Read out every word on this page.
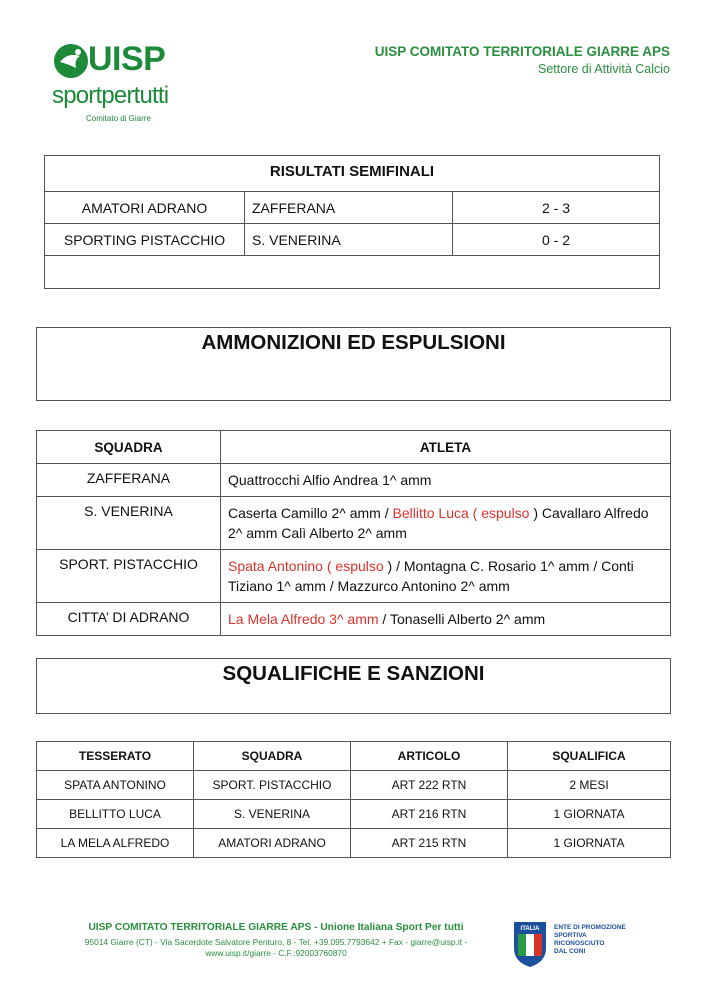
UISP
sportpertutti
Comitato di Giarre
UISP COMITATO TERRITORIALE GIARRE APS
Settore di Attività Calcio
RISULTATI SEMIFINALI		
AMATORI ADRANO	ZAFFERANA	2 - 3
SPORTING PISTACCHIO	S. VENERINA	0 - 2

AMMONIZIONI ED ESPULSIONI
SQUADRA	ATLETA
ZAFFERANA	Quattrocchi Alfio Andrea 1^ amm
S. VENERINA	Caserta Camillo 2^ amm / Bellitto Luca ( espulso ) Cavallaro Alfredo 2^ amm Calì Alberto 2^ amm
SPORT. PISTACCHIO	Spata Antonino ( espulso ) / Montagna C. Rosario 1^ amm / Conti Tiziano 1^ amm / Mazzurco Antonino 2^ amm
CITTA’ DI ADRANO	La Mela Alfredo 3^ amm / Tonaselli Alberto 2^ amm
SQUALIFICHE E SANZIONI
TESSERATO	SQUADRA	ARTICOLO	SQUALIFICA
SPATA ANTONINO	SPORT. PISTACCHIO	ART 222 RTN	2 MESI
BELLITTO LUCA	S. VENERINA	ART 216 RTN	1 GIORNATA
LA MELA ALFREDO	AMATORI ADRANO	ART 215 RTN	1 GIORNATA
UISP COMITATO TERRITORIALE GIARRE APS - Unione Italiana Sport Per tutti
95014 Giarre (CT) - Via Sacerdote Salvatore Penturo, 8 - Tel. +39.095.7793642 + Fax - giarre@uisp.it - www.uisp.it/giarre - C.F.:92003760870
ITALIA ENTE DI PROMOZIONE
SPORTIVA
RICONOSCIUTO
DAL CONI
